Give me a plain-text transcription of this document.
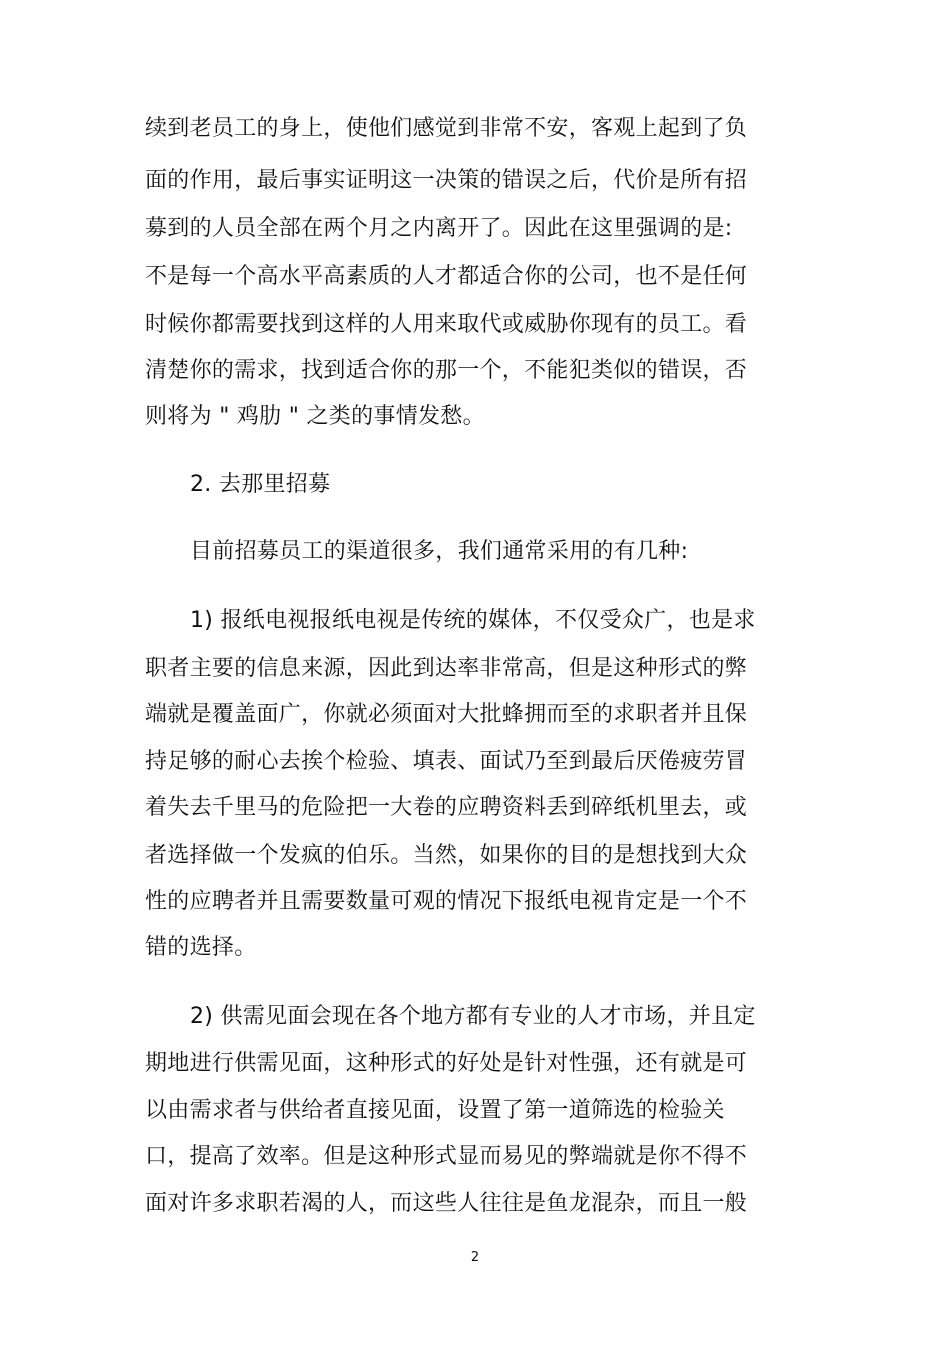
续到老员工的身上，使他们感觉到非常不安，客观上起到了负
面的作用，最后事实证明这一决策的错误之后，代价是所有招
募到的人员全部在两个月之内离开了。因此在这里强调的是:
不是每一个高水平高素质的人才都适合你的公司，也不是任何
时候你都需要找到这样的人用来取代或威胁你现有的员工。看
清楚你的需求，找到适合你的那一个，不能犯类似的错误，否
则将为 " 鸡肋 " 之类的事情发愁。
2. 去那里招募
目前招募员工的渠道很多，我们通常采用的有几种:
1) 报纸电视报纸电视是传统的媒体，不仅受众广，也是求
职者主要的信息来源，因此到达率非常高，但是这种形式的弊
端就是覆盖面广，你就必须面对大批蜂拥而至的求职者并且保
持足够的耐心去挨个检验、填表、面试乃至到最后厌倦疲劳冒
着失去千里马的危险把一大卷的应聘资料丢到碎纸机里去，或
者选择做一个发疯的伯乐。当然，如果你的目的是想找到大众
性的应聘者并且需要数量可观的情况下报纸电视肯定是一个不
错的选择。
2) 供需见面会现在各个地方都有专业的人才市场，并且定
期地进行供需见面，这种形式的好处是针对性强，还有就是可
以由需求者与供给者直接见面，设置了第一道筛选的检验关
口，提高了效率。但是这种形式显而易见的弊端就是你不得不
面对许多求职若渴的人，而这些人往往是鱼龙混杂，而且一般
2
